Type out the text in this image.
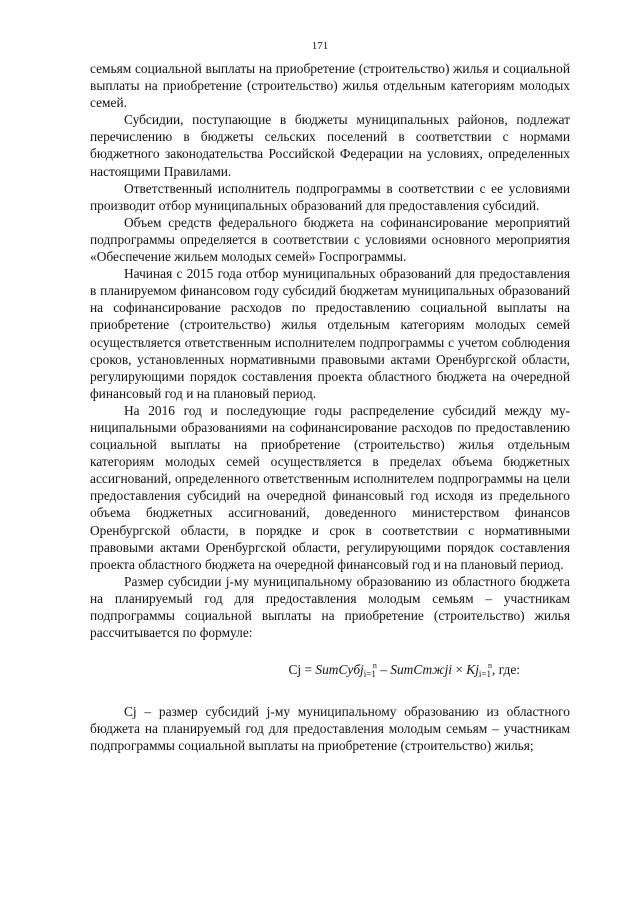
171

семьям социальной выплаты на приобретение (строительство) жилья и социальной выплаты на приобретение (строительство) жилья отдельным категориям молодых семей.

Субсидии, поступающие в бюджеты муниципальных районов, подлежат перечислению в бюджеты сельских поселений в соответствии с нормами бюджетного законодательства Российской Федерации на условиях, определенных настоящими Правилами.

Ответственный исполнитель подпрограммы в соответствии с ее условиями производит отбор муниципальных образований для предоставления субсидий.

Объем средств федерального бюджета на софинансирование мероприятий подпрограммы определяется в соответствии с условиями основного мероприятия «Обеспечение жильем молодых семей» Госпрограммы.

Начиная с 2015 года отбор муниципальных образований для предоставления в планируемом финансовом году субсидий бюджетам муниципальных образований на софинансирование расходов по предоставлению социальной выплаты на приобретение (строительство) жилья отдельным категориям молодых семей осуществляется ответственным исполнителем подпрограммы с учетом соблюдения сроков, установленных нормативными правовыми актами Оренбургской области, регулирующими порядок составления проекта областного бюджета на очередной финансовый год и на плановый период.

На 2016 год и последующие годы распределение субсидий между муниципальными образованиями на софинансирование расходов по предоставлению социальной выплаты на приобретение (строительство) жилья отдельным категориям молодых семей осуществляется в пределах объема бюджетных ассигнований, определенного ответственным исполнителем подпрограммы на цели предоставления субсидий на очередной финансовый год исходя из предельного объема бюджетных ассигнований, доведенного министерством финансов Оренбургской области, в порядке и срок в соответствии с нормативными правовыми актами Оренбургской области, регулирующими порядок составления проекта областного бюджета на очередной финансовый год и на плановый период.

Размер субсидии j-му муниципальному образованию из областного бюджета на планируемый год для предоставления молодым семьям – участникам подпрограммы социальной выплаты на приобретение (строительство) жилья рассчитывается по формуле:

Cj = SumСубj$_{i=1}^n$ – SumСтжji × $Kj_{i=1}^n$, где:

Cj – размер субсидий j-му муниципальному образованию из областного бюджета на планируемый год для предоставления молодым семьям – участникам подпрограммы социальной выплаты на приобретение (строительство) жилья;
